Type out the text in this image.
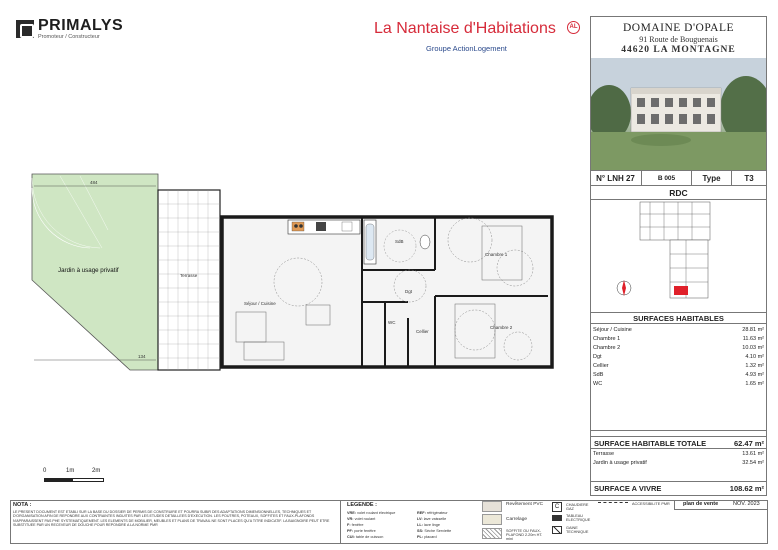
PRIMALYS
Promoteur / Constructeur	La Nantaise d'Habitations	AL
Groupe ActionLogement
Jardin à usage privatif
Terrasse
Séjour / Cuisine
Chambre 1
Chambre 2
SdB
Dgt
WC
Cellier
484
134
0	1m	2m
DOMAINE D'OPALE
91 Route de Bouguenais
44620 LA MONTAGNE
N° LNH 27	B 005	Type	T3
RDC
SURFACES HABITABLES
Séjour / Cuisine	28.81 m²
Chambre 1	11.63 m²
Chambre 2	10.03 m²
Dgt	4.10 m²
Cellier	1.32 m²
SdB	4.93 m²
WC	1.65 m²
SURFACE HABITABLE TOTALE	62.47 m²
Terrasse	13.61 m²
Jardin à usage privatif	32.54 m²
SURFACE A VIVRE	108.62 m²
NOTA :
LE PRESENT DOCUMENT EST ETABLI SUR LA BASE DU DOSSIER DE PERMIS DE CONSTRUIRE ET POURRA SUBIR DES ADAPTATIONS DIMENSIONNELLES, TECHNIQUES ET D'ORGANISATION AFIN DE REPONDRE AUX CONTRAINTES INDUITES PAR LES ETUDES DETAILLEES D'EXECUTION. LES POUTRES, POTEAUX, SOFFITES ET FAUX-PLAFONDS N'APPARAISSENT PAS PHE SYSTEMATIQUEMENT. LES ELEMENTS DE MOBILIER, MEUBLES ET PLANS DE TRAVAIL NE SONT PLACES QU'A TITRE INDICATIF. LA BAIGNOIRE PEUT ETRE SUBSTITUEE PAR UN RECEVEUR DE DOUCHE POUR REPONDRE A LA NORME PMR
LEGENDE :
VRE: volet roulant électrique
VR: volet roulant
F: fenêtre
PF: porte fenêtre
CUI: table de cuisson
REF: réfrigérateur
LV: lave vaisselle
LL: lave linge
SS: Sèche Serviette
PL: placard
Revêtement PVC
Carrelage
SOFFITE OU FAUX-PLAFOND 2.20m HT. mini
C	CHAUDIERE GAZ
TABLEAU ELECTRIQUE
GAINE TECHNIQUE
ACCESSIBILITE PMR	plan de vente	NOV. 2023
